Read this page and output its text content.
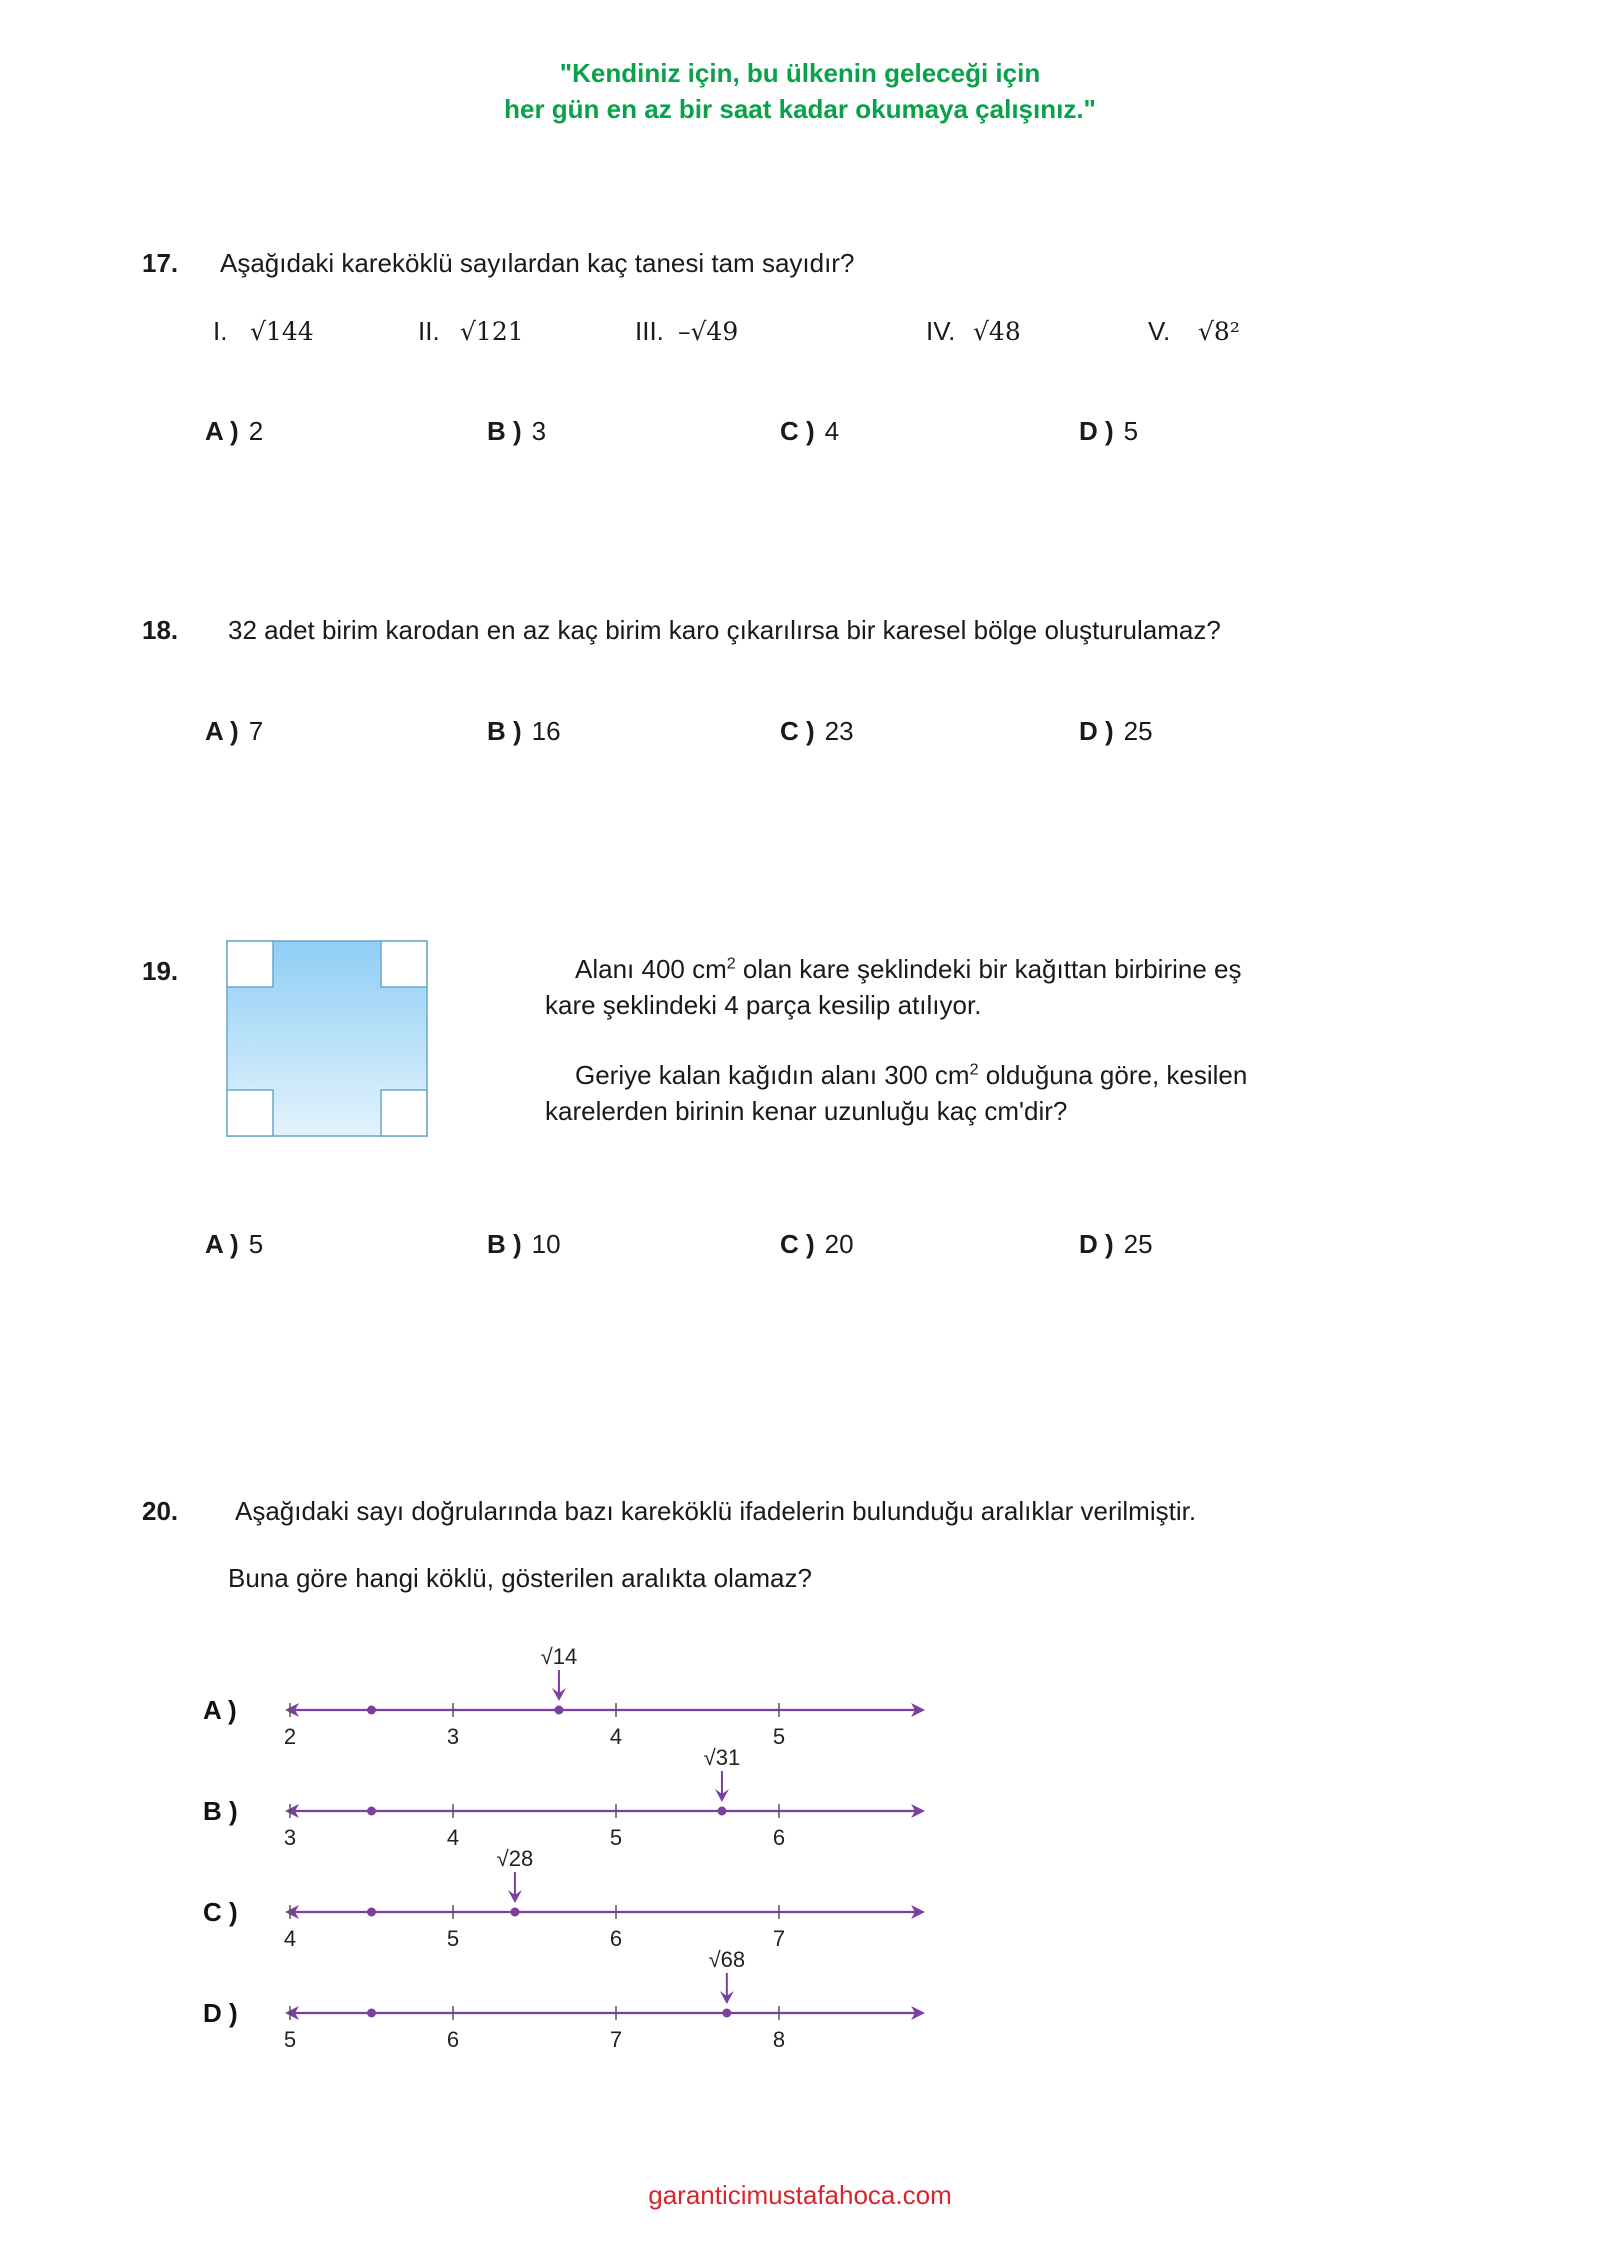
"Kendiniz için, bu ülkenin geleceği için
her gün en az bir saat kadar okumaya çalışınız."
17. Aşağıdaki kareköklü sayılardan kaç tanesi tam sayıdır?
I. √144	II. √121	III. –√49	IV. √48	V. √8²
A ) 2	B ) 3	C ) 4	D ) 5
18. 32 adet birim karodan en az kaç birim karo çıkarılırsa bir karesel bölge oluşturulamaz?
A ) 7	B ) 16	C ) 23	D ) 25
19.	Alanı 400 $cm^2$ olan kare şeklindeki bir kağıttan birbirine eş
kare şeklindeki 4 parça kesilip atılıyor.
Geriye kalan kağıdın alanı 300 $cm^2$ olduğuna göre, kesilen
karelerden birinin kenar uzunluğu kaç cm'dir?
A ) 5	B ) 10	C ) 20	D ) 25
20. Aşağıdaki sayı doğrularında bazı kareköklü ifadelerin bulunduğu aralıklar verilmiştir.
Buna göre hangi köklü, gösterilen aralıkta olamaz?
A )
2	3	4	5
√14
B )
3	4	5	6
√31
C )
4	5	6	7
√28
D )
5	6	7	8
√68
garanticimustafahoca.com
